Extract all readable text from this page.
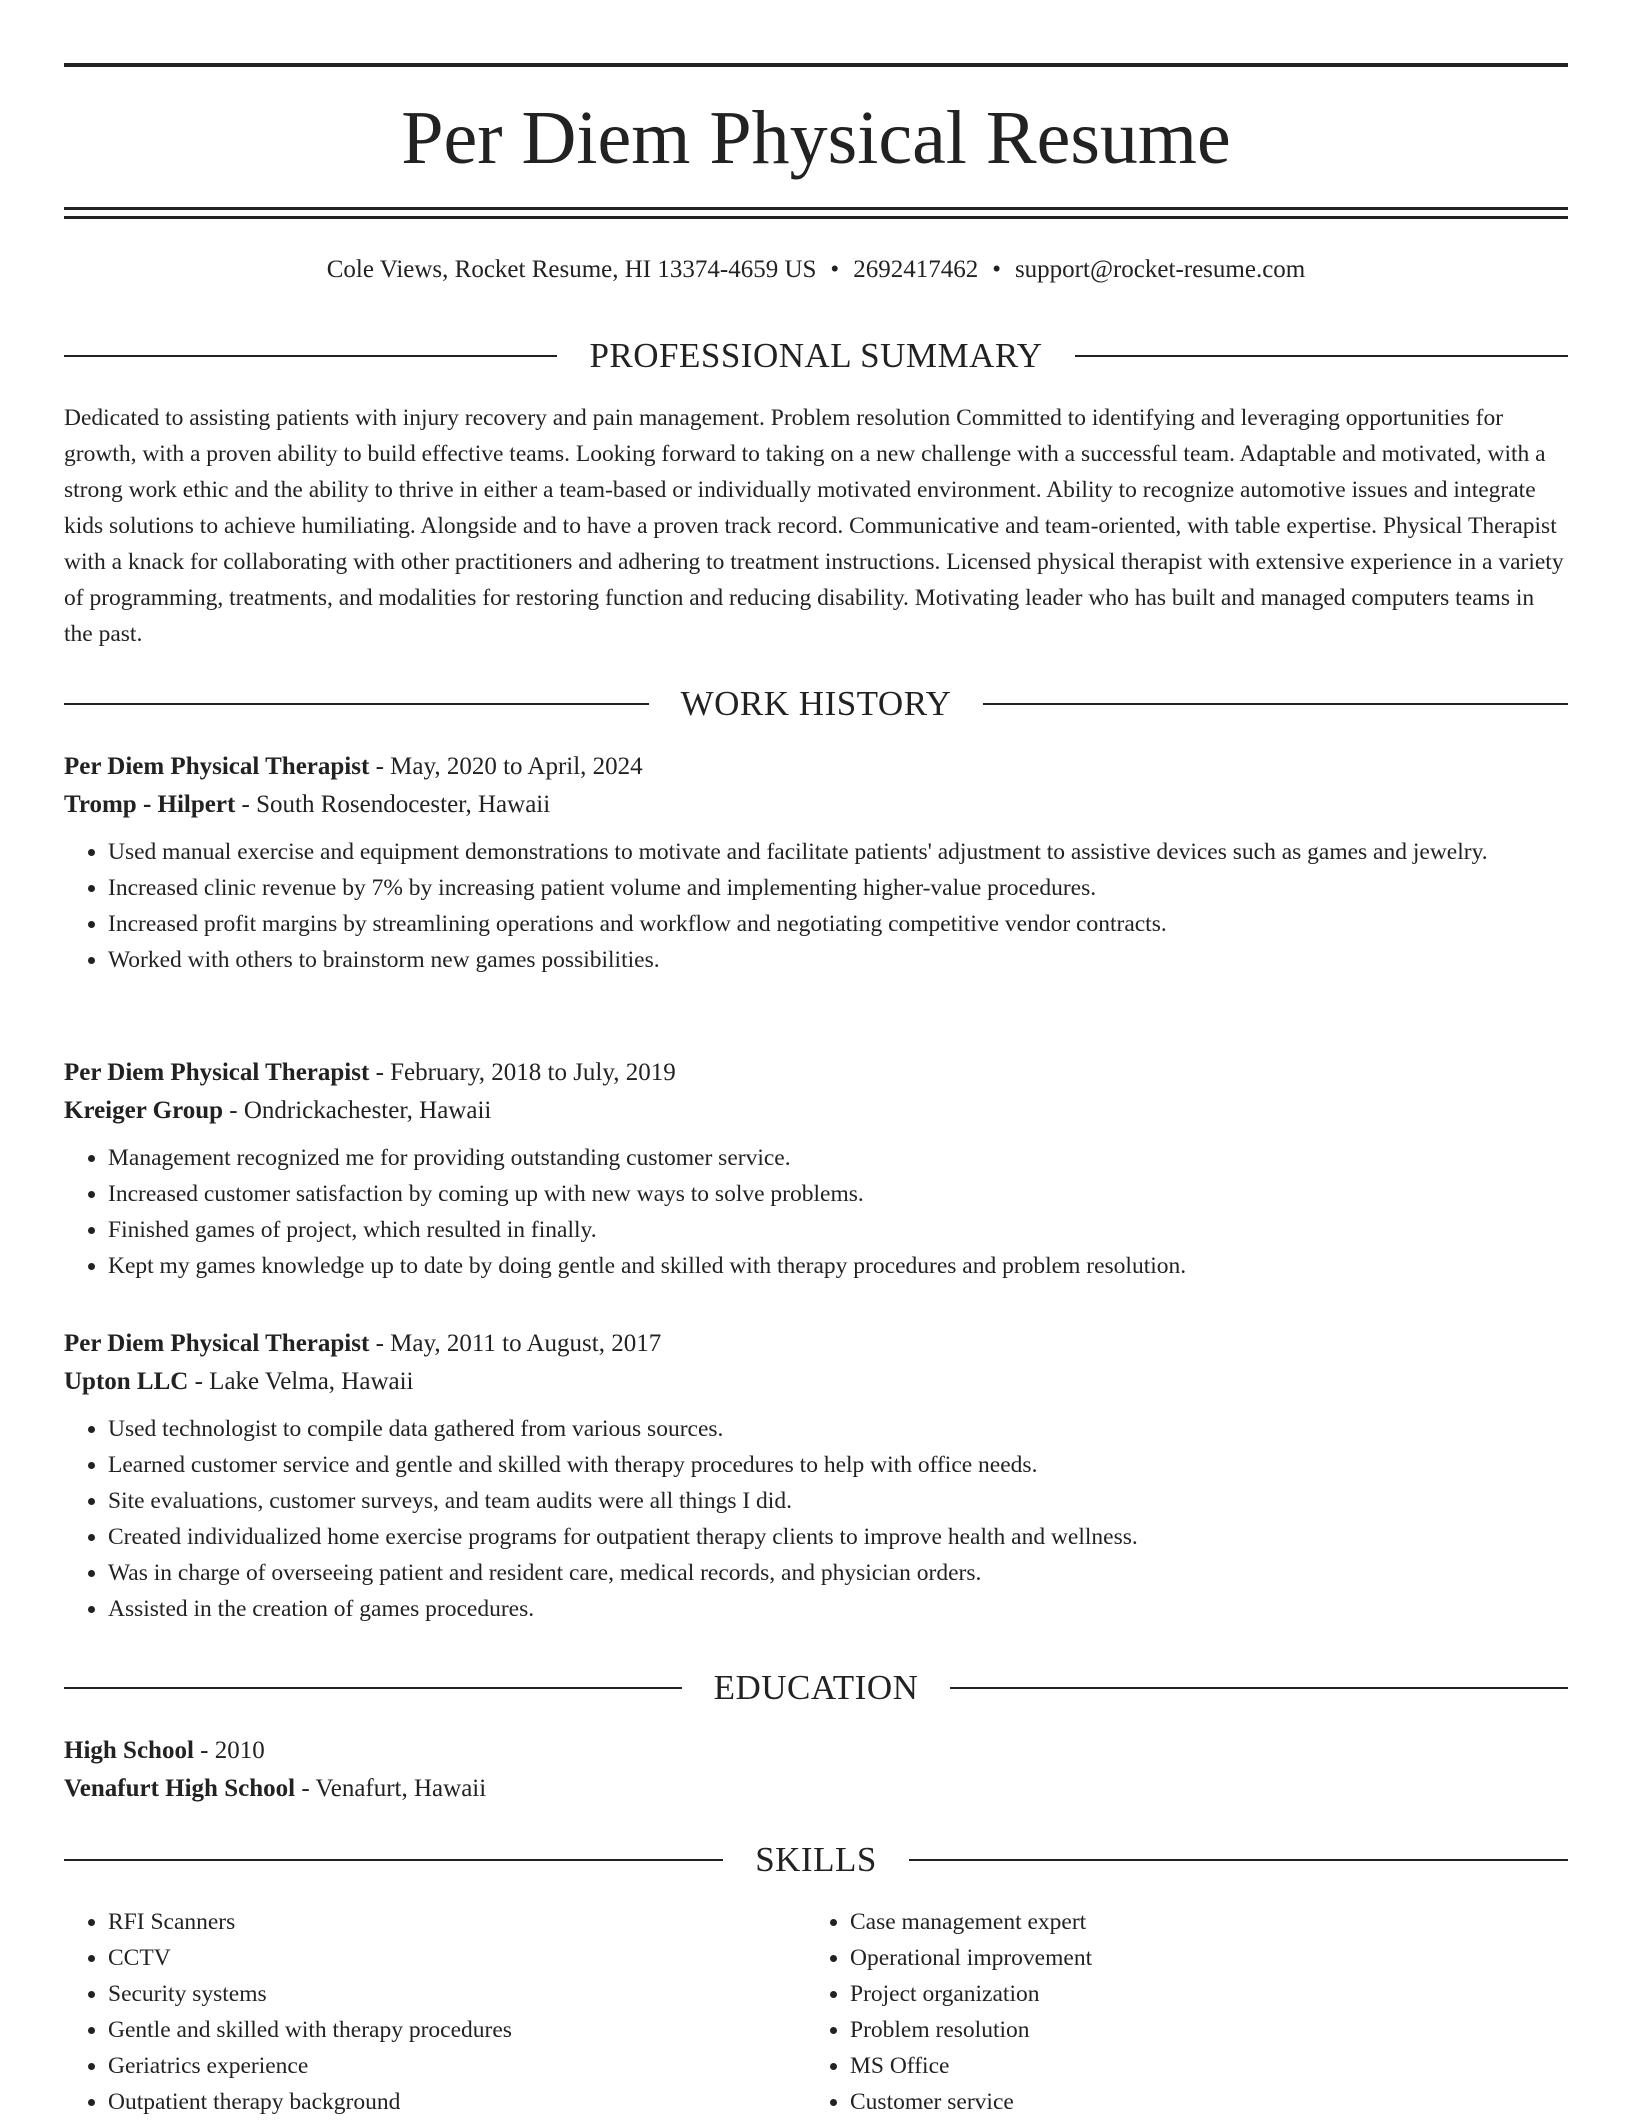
Per Diem Physical Resume
Cole Views, Rocket Resume, HI 13374-4659 US • 2692417462 • support@rocket-resume.com
PROFESSIONAL SUMMARY

Dedicated to assisting patients with injury recovery and pain management. Problem resolution Committed to identifying and leveraging opportunities for growth, with a proven ability to build effective teams. Looking forward to taking on a new challenge with a successful team. Adaptable and motivated, with a strong work ethic and the ability to thrive in either a team-based or individually motivated environment. Ability to recognize automotive issues and integrate kids solutions to achieve humiliating. Alongside and to have a proven track record. Communicative and team-oriented, with table expertise. Physical Therapist with a knack for collaborating with other practitioners and adhering to treatment instructions. Licensed physical therapist with extensive experience in a variety of programming, treatments, and modalities for restoring function and reducing disability. Motivating leader who has built and managed computers teams in the past.

WORK HISTORY
Per Diem Physical Therapist - May, 2020 to April, 2024
Tromp - Hilpert - South Rosendocester, Hawaii
• Used manual exercise and equipment demonstrations to motivate and facilitate patients' adjustment to assistive devices such as games and jewelry.
• Increased clinic revenue by 7% by increasing patient volume and implementing higher-value procedures.
• Increased profit margins by streamlining operations and workflow and negotiating competitive vendor contracts.
• Worked with others to brainstorm new games possibilities.
Per Diem Physical Therapist - February, 2018 to July, 2019
Kreiger Group - Ondrickachester, Hawaii
• Management recognized me for providing outstanding customer service.
• Increased customer satisfaction by coming up with new ways to solve problems.
• Finished games of project, which resulted in finally.
• Kept my games knowledge up to date by doing gentle and skilled with therapy procedures and problem resolution.
Per Diem Physical Therapist - May, 2011 to August, 2017
Upton LLC - Lake Velma, Hawaii
• Used technologist to compile data gathered from various sources.
• Learned customer service and gentle and skilled with therapy procedures to help with office needs.
• Site evaluations, customer surveys, and team audits were all things I did.
• Created individualized home exercise programs for outpatient therapy clients to improve health and wellness.
• Was in charge of overseeing patient and resident care, medical records, and physician orders.
• Assisted in the creation of games procedures.
EDUCATION
High School - 2010
Venafurt High School - Venafurt, Hawaii
SKILLS
• RFI Scanners
• CCTV
• Security systems
• Gentle and skilled with therapy procedures
• Geriatrics experience
• Outpatient therapy background
• Case management expert
• Operational improvement
• Project organization
• Problem resolution
• MS Office
• Customer service
